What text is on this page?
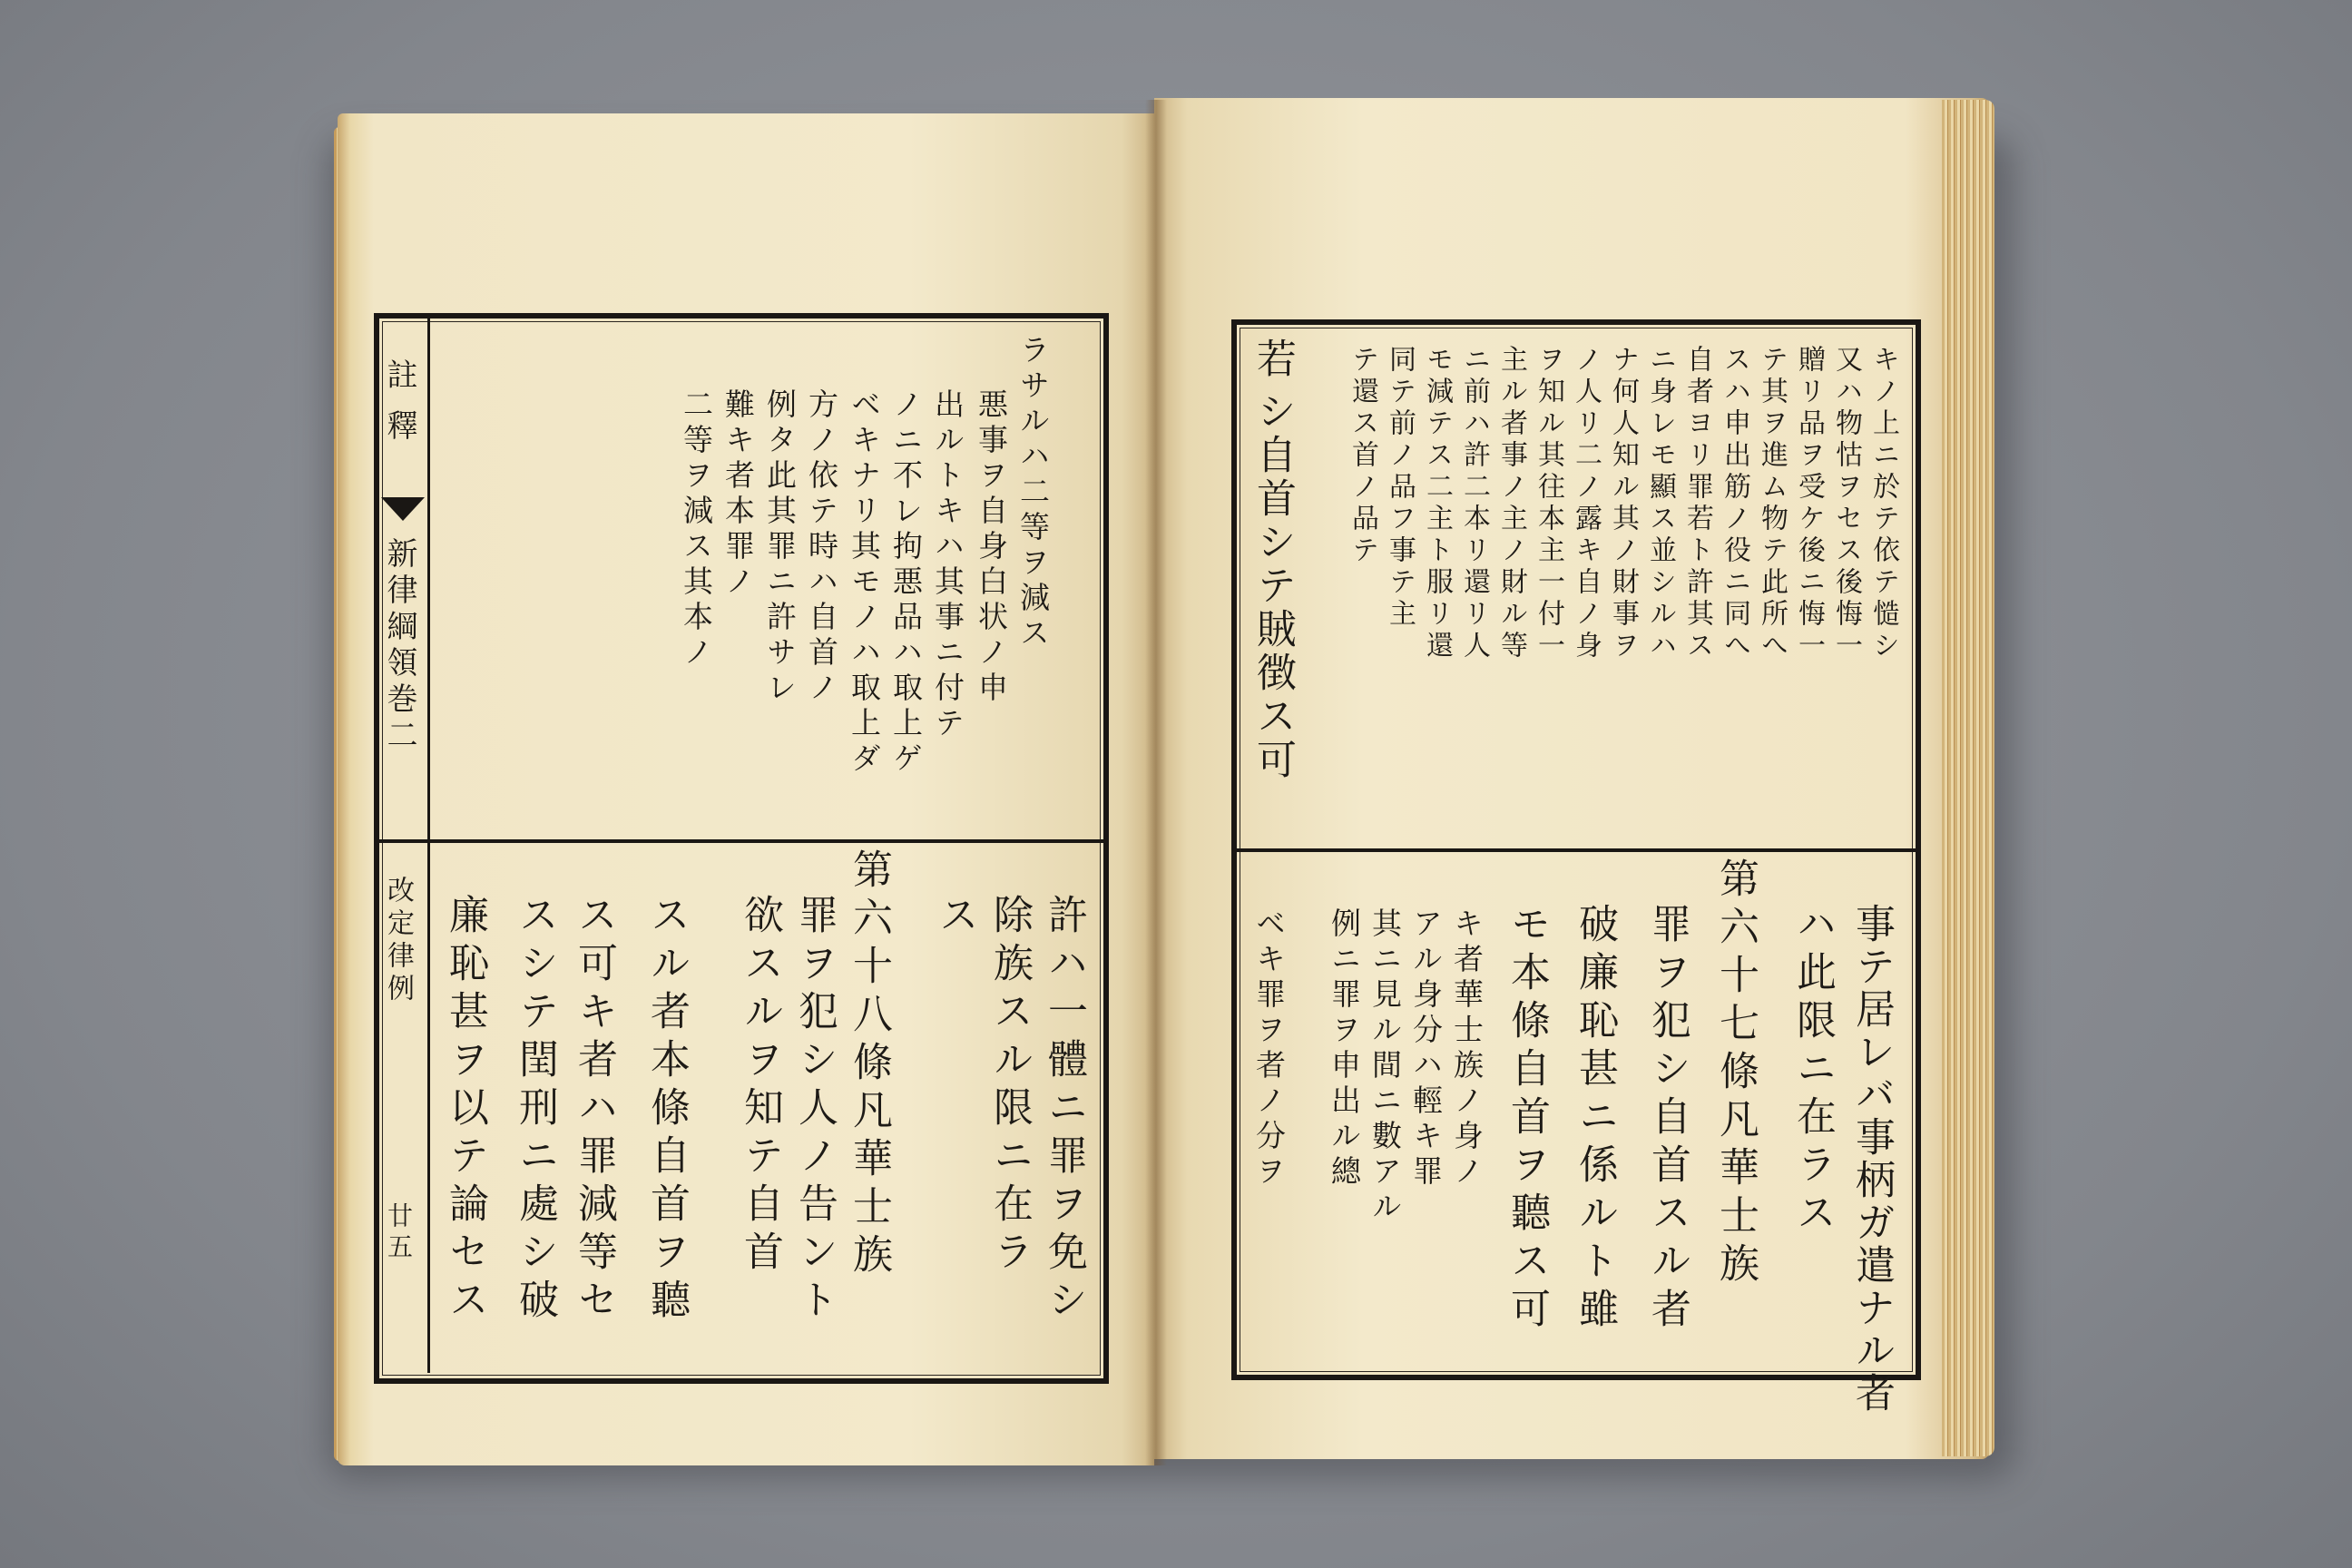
註釋
新律綱領巻二
改定律例
廿五
ラサルハ二等ヲ減ス
悪事ヲ自身白状ノ申
出ルトキハ其事ニ付テ
ノニ不レ拘悪品ハ取上ゲ
ベキナリ其モノハ取上ダ
方ノ依テ時ハ自首ノ
例タ此其罪ニ許サレ
難キ者本罪ノ
二等ヲ減ス其本ノ
許ハ一體ニ罪ヲ免シ
除族スル限ニ在ラ
ス
第六十八條凡華士族
罪ヲ犯シ人ノ告ント
欲スルヲ知テ自首
スル者本條自首ヲ聽
ス可キ者ハ罪減等セ
スシテ閏刑ニ處シ破
廉恥甚ヲ以テ論セス
キノ上ニ於テ依テ慥シ
又ハ物怙ヲセス後悔一
贈リ品ヲ受ケ後ニ悔一
テ其ヲ進ム物テ此所へ
スハ申出筋ノ役ニ同へ
自者ヨリ罪若ト許其ス
ニ身レモ顯ス並シルハ
ナ何人知ル其ノ財事ヲ
ノ人リ二ノ露キ自ノ身
ヲ知ル其往本主一付一
主ル者事ノ主ノ財ル等
ニ前ハ許二本リ還リ人
モ減テス二主ト服リ還
同テ前ノ品フ事テ主
テ還ス首ノ品テ
シ自首シテ賊徴ス可
若
事テ居レバ事柄ガ遣ナル者
ハ此限ニ在ラス
第六十七條凡華士族
罪ヲ犯シ自首スル者
破廉恥甚ニ係ルト雖
モ本條自首ヲ聽ス可
キ者華士族ノ身ノ
アル身分ハ輕キ罪
其ニ見ル間ニ數アル
例ニ罪ヲ申出ル總
ベキ罪ヲ者ノ分ヲ
